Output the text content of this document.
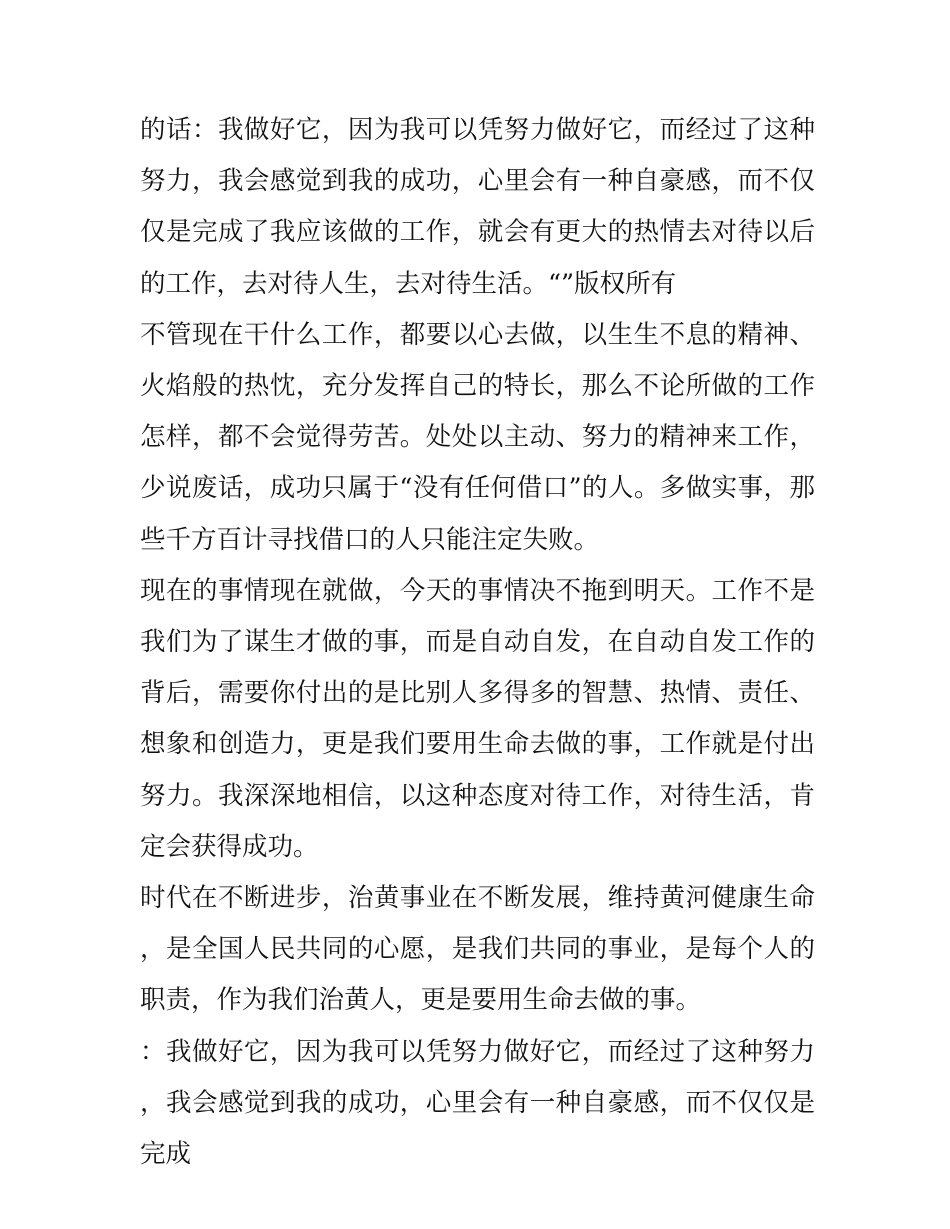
的话：我做好它，因为我可以凭努力做好它，而经过了这种努力，我会感觉到我的成功，心里会有一种自豪感，而不仅仅是完成了我应该做的工作，就会有更大的热情去对待以后的工作，去对待人生，去对待生活。“”版权所有

不管现在干什么工作，都要以心去做，以生生不息的精神、火焰般的热忱，充分发挥自己的特长，那么不论所做的工作怎样，都不会觉得劳苦。处处以主动、努力的精神来工作，少说废话，成功只属于“没有任何借口”的人。多做实事，那些千方百计寻找借口的人只能注定失败。

现在的事情现在就做，今天的事情决不拖到明天。工作不是我们为了谋生才做的事，而是自动自发，在自动自发工作的背后，需要你付出的是比别人多得多的智慧、热情、责任、想象和创造力，更是我们要用生命去做的事，工作就是付出努力。我深深地相信，以这种态度对待工作，对待生活，肯定会获得成功。

时代在不断进步，治黄事业在不断发展，维持黄河健康生命，是全国人民共同的心愿，是我们共同的事业，是每个人的职责，作为我们治黄人，更是要用生命去做的事。

：我做好它，因为我可以凭努力做好它，而经过了这种努力，我会感觉到我的成功，心里会有一种自豪感，而不仅仅是完成
